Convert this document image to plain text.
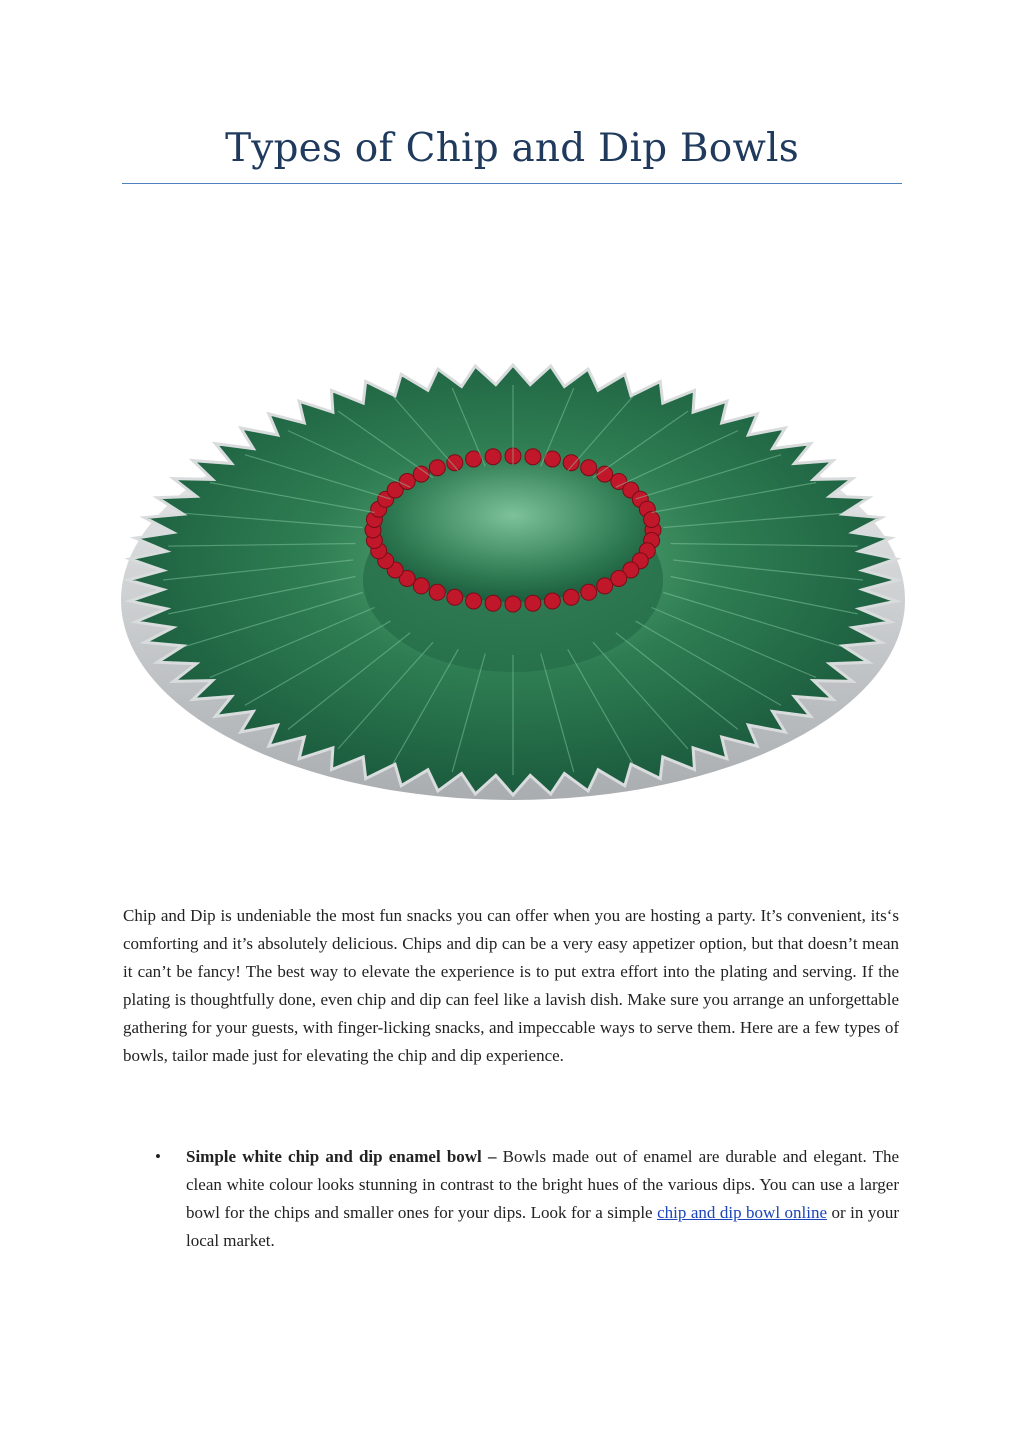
Types of Chip and Dip Bowls

Chip and Dip is undeniable the most fun snacks you can offer when you are hosting a party. It’s convenient, its‘s comforting and it’s absolutely delicious. Chips and dip can be a very easy appetizer option, but that doesn’t mean it can’t be fancy! The best way to elevate the experience is to put extra effort into the plating and serving. If the plating is thoughtfully done, even chip and dip can feel like a lavish dish. Make sure you arrange an unforgettable gathering for your guests, with finger-licking snacks, and impeccable ways to serve them. Here are a few types of bowls, tailor made just for elevating the chip and dip experience.

• Simple white chip and dip enamel bowl – Bowls made out of enamel are durable and elegant. The clean white colour looks stunning in contrast to the bright hues of the various dips. You can use a larger bowl for the chips and smaller ones for your dips. Look for a simple chip and dip bowl online or in your local market.
